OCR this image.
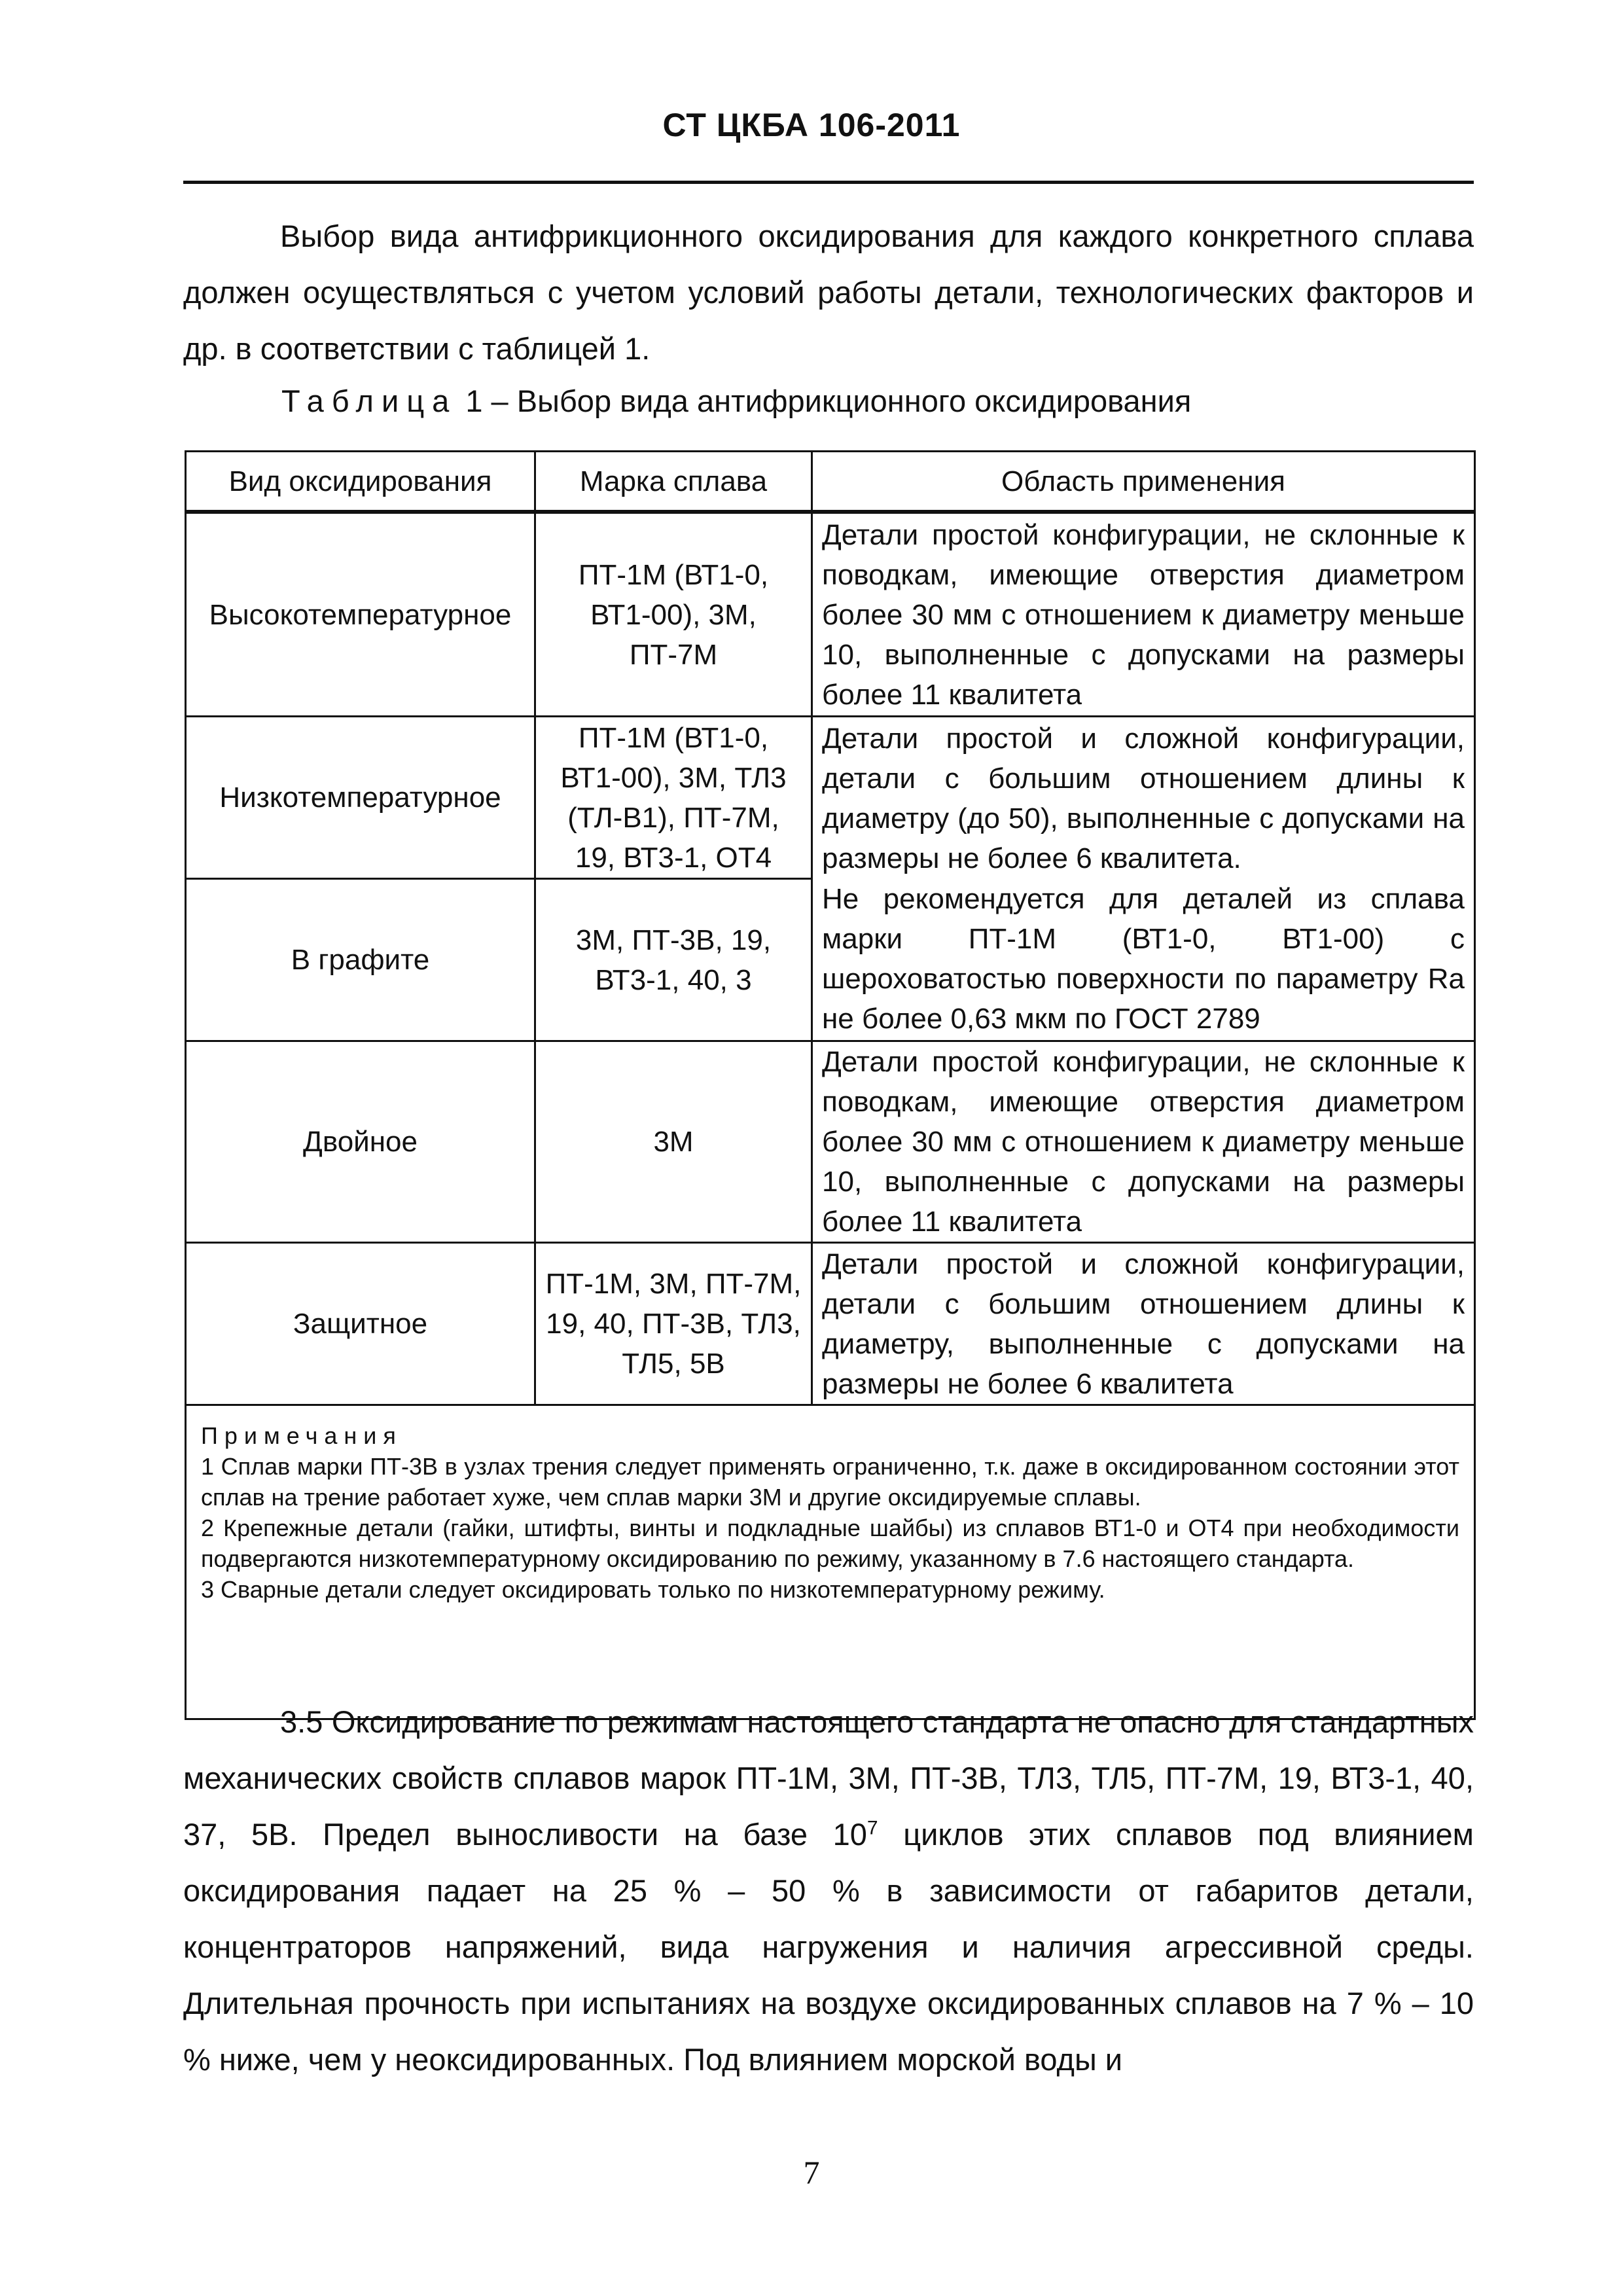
СТ ЦКБА 106-2011
Выбор вида антифрикционного оксидирования для каждого конкретного сплава должен осуществляться с учетом условий работы детали, технологических факторов и др. в соответствии с таблицей 1.
Таблица 1 – Выбор вида антифрикционного оксидирования
Вид оксидирования	Марка сплава	Область применения
Высокотемпературное	ПТ-1М (ВТ1-0, ВТ1-00), 3М, ПТ-7М	Детали простой конфигурации, не склонные к поводкам, имеющие отверстия диаметром более 30 мм с отношением к диаметру меньше 10, выполненные с допусками на размеры более 11 квалитета
Низкотемпературное	ПТ-1М (ВТ1-0, ВТ1-00), 3М, ТЛ3 (ТЛ-В1), ПТ-7М, 19, ВТ3-1, ОТ4	Детали простой и сложной конфигурации, детали с большим отношением длины к диаметру (до 50), выполненные с допусками на размеры не более 6 квалитета.
Не рекомендуется для деталей из сплава марки ПТ-1М (ВТ1-0, ВТ1-00) с шероховатостью поверхности по параметру Ra не более 0,63 мкм по ГОСТ 2789

В графите	3М, ПТ-3В, 19, ВТ3-1, 40, 3	
Двойное	3М	Детали простой конфигурации, не склонные к поводкам, имеющие отверстия диаметром более 30 мм с отношением к диаметру меньше 10, выполненные с допусками на размеры более 11 квалитета
Защитное	ПТ-1М, 3М, ПТ-7М, 19, 40, ПТ-3В, ТЛ3, ТЛ5, 5В	Детали простой и сложной конфигурации, детали с большим отношением длины к диаметру, выполненные с допусками на размеры не более 6 квалитета

Примечания

1 Сплав марки ПТ-3В в узлах трения следует применять ограниченно, т.к. даже в оксидированном состоянии этот сплав на трение работает хуже, чем сплав марки 3М и другие оксидируемые сплавы.

2 Крепежные детали (гайки, штифты, винты и подкладные шайбы) из сплавов ВТ1-0 и ОТ4 при необходимости подвергаются низкотемпературному оксидированию по режиму, указанному в 7.6 настоящего стандарта.

3 Сварные детали следует оксидировать только по низкотемпературному режиму.		

3.5 Оксидирование по режимам настоящего стандарта не опасно для стандартных механических свойств сплавов марок ПТ-1М, 3М, ПТ-3В, ТЛ3, ТЛ5, ПТ-7М, 19, ВТ3-1, 40, 37, 5В. Предел выносливости на базе $10^7$ циклов этих сплавов под влиянием оксидирования падает на 25 % – 50 % в зависимости от габаритов детали, концентраторов напряжений, вида нагружения и наличия агрессивной среды. Длительная прочность при испытаниях на воздухе оксидированных сплавов на 7 % – 10 % ниже, чем у неоксидированных. Под влиянием морской воды и
7
